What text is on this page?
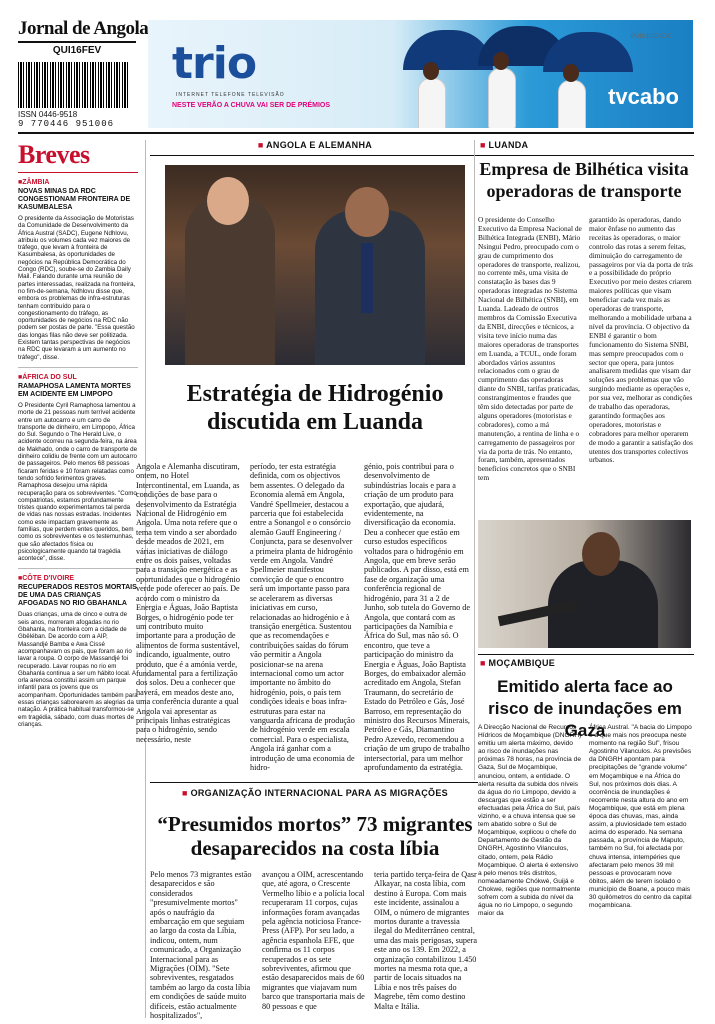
Jornal de Angola
QUI16FEV
ISSN 0446-9518
9 770446 951006
PUBLICIDADE
trio
INTERNET TELEFONE TELEVISÃO
NESTE VERÃO A CHUVA VAI SER DE PRÉMIOS	tvcabo
Breves
■ ZÂMBIA
NOVAS MINAS DA RDC CONGESTIONAM FRONTEIRA DE KASUMBALESA
O presidente da Associação de Motoristas da Comunidade de Desenvolvimento da África Austral (SADC), Eugene Ndhlovu, atribuiu os volumes cada vez maiores de tráfego, que levam à fronteira de Kasumbalesa, às oportunidades de negócios na República Democrática do Congo (RDC), soube-se do Zambia Daily Mail. Falando durante uma reunião de partes interessadas, realizada na fronteira, no fim-de-semana, Ndhlovu disse que, embora os problemas de infra-estruturas tenham contribuído para o congestionamento do tráfego, as oportunidades de negócios na RDC não podem ser postas de parte. "Essa questão das longas filas não deve ser politizada. Existem tantas perspectivas de negócios na RDC que levaram a um aumento no tráfego", disse.
■ ÁFRICA DO SUL
RAMAPHOSA LAMENTA MORTES EM ACIDENTE EM LIMPOPO
O Presidente Cyril Ramaphosa lamentou a morte de 21 pessoas num terrível acidente entre um autocarro e um carro de transporte de dinheiro, em Limpopo, África do Sul. Segundo o The Herald Live, o acidente ocorreu na segunda-feira, na área de Makhado, onde o carro de transporte de dinheiro colidiu de frente com um autocarro de passageiros. Pelo menos 68 pessoas ficaram feridas e 10 foram relatadas como tendo sofrido ferimentos graves. Ramaphosa desejou uma rápida recuperação para os sobreviventes. "Como compatriotas, estamos profundamente tristes quando experimentamos tal perda de vidas nas nossas estradas. Incidentes como este impactam gravemente as famílias, que perdem entes queridos, bem como os sobreviventes e os testemunhas, que são afectados física ou psicologicamente quando tal tragédia acontece", disse.
■ CÔTE D'IVOIRE
RECUPERADOS RESTOS MORTAIS DE UMA DAS CRIANÇAS AFOGADAS NO RIO GBAHANLA
Duas crianças, uma de cinco e outra de seis anos, morreram afogadas no rio Gbahanla, na fronteira com a cidade de Gbêléban. De acordo com a AIP, Massandjé Bamba e Awa Cissé acompanhavam os pais, que foram ao rio lavar a roupa. O corpo de Massandjé foi recuperado. Lavar roupas no rio em Gbahanla continua a ser um hábito local. A orla arenosa constitui assim um parque infantil para os jovens que os acompanham. Oportunidades também para essas crianças saborearem as alegrias da natação. A prática habitual transformou-se em tragédia, sábado, com duas mortes de crianças.
■ ANGOLA E ALEMANHA
Estratégia de Hidrogénio discutida em Luanda
Angola e Alemanha discutiram, ontem, no Hotel Intercontinental, em Luanda, as condições de base para o desenvolvimento da Estratégia Nacional de Hidrogénio em Angola. Uma nota refere que o tema tem vindo a ser abordado desde meados de 2021, em várias iniciativas de diálogo entre os dois países, voltadas para a transição energética e as oportunidades que o hidrogénio verde pode oferecer ao país. De acordo com o ministro da Energia e Águas, João Baptista Borges, o hidrogénio pode ter um contributo muito importante para a produção de alimentos de forma sustentável, indicando, igualmente, outro produto, que é a amónia verde, fundamental para a fertilização dos solos. Deu a conhecer que haverá, em meados deste ano, uma conferência durante a qual Angola vai apresentar as principais linhas estratégicas para o hidrogénio, sendo necessário, neste
período, ter esta estratégia definida, com os objectivos bem assentes. O delegado da Economia alemã em Angola, Vandré Spellmeier, destacou a parceria que foi estabelecida entre a Sonangol e o consórcio alemão Gauff Engineering / Conjuncta, para se desenvolver a primeira planta de hidrogénio verde em Angola. Vandré Spellmeier manifestou convicção de que o encontro será um importante passo para se acelerarem as diversas iniciativas em curso, relacionadas ao hidrogénio e à transição energética. Sustentou que as recomendações e contribuições saídas do fórum vão permitir a Angola posicionar-se na arena internacional como um actor importante no âmbito do hidrogénio, pois, o país tem condições ideais e boas infra-estruturas para estar na vanguarda africana de produção de hidrogénio verde em escala comercial. Para o especialista, Angola irá ganhar com a introdução de uma economia de hidro-
génio, pois contribui para o desenvolvimento de subindústrias locais e para a criação de um produto para exportação, que ajudará, evidentemente, na diversificação da economia. Deu a conhecer que estão em curso estudos específicos voltados para o hidrogénio em Angola, que em breve serão publicados. A par disso, está em fase de organização uma conferência regional de hidrogénio, para 31 a 2 de Junho, sob tutela do Governo de Angola, que contará com as participações da Namíbia e África do Sul, mas não só. O encontro, que teve a participação do ministro da Energia e Águas, João Baptista Borges, do embaixador alemão acreditado em Angola, Stefan Traumann, do secretário de Estado do Petróleo e Gás, José Barroso, em representação do ministro dos Recursos Minerais, Petróleo e Gás, Diamantino Pedro Azevedo, recomendou a criação de um grupo de trabalho intersectorial, para um melhor aprofundamento da estratégia.
■ ORGANIZAÇÃO INTERNACIONAL PARA AS MIGRAÇÕES
“Presumidos mortos” 73 migrantes desaparecidos na costa líbia
Pelo menos 73 migrantes estão desaparecidos e são considerados "presumivelmente mortos" após o naufrágio da embarcação em que seguiam ao largo da costa da Líbia, indicou, ontem, num comunicado, a Organização Internacional para as Migrações (OIM). "Sete sobreviventes, resgatados também ao largo da costa líbia em condições de saúde muito difíceis, estão actualmente hospitalizados",
avançou a OIM, acrescentando que, até agora, o Crescente Vermelho líbio e a polícia local recuperaram 11 corpos, cujas informações foram avançadas pela agência noticiosa France-Press (AFP). Por seu lado, a agência espanhola EFE, que confirma os 11 corpos recuperados e os sete sobreviventes, afirmou que estão desaparecidos mais de 60 migrantes que viajavam num barco que transportaria mais de 80 pessoas e que
teria partido terça-feira de Qasr Alkayar, na costa líbia, com destino à Europa. Com mais este incidente, assinalou a OIM, o número de migrantes mortos durante a travessia ilegal do Mediterrâneo central, uma das mais perigosas, supera este ano os 139. Em 2022, a organização contabilizou 1.450 mortes na mesma rota que, a partir de locais situados na Líbia e nos três países do Magrebe, têm como destino Malta e Itália.
■ LUANDA
Empresa de Bilhética visita operadoras de transporte
O presidente do Conselho Executivo da Empresa Nacional de Bilhética Integrada (ENBI), Mário Nsingui Pedro, preocupado com o grau de cumprimento dos operadores de transporte, realizou, no corrente mês, uma visita de constatação às bases das 9 operadoras integradas no Sistema Nacional de Bilhética (SNBI), em Luanda. Ladeado de outros membros da Comissão Executiva da ENBI, direcções e técnicos, a visita teve início numa das maiores operadoras de transportes em Luanda, a TCUL, onde foram abordados vários assuntos relacionados com o grau de cumprimento das operadoras diante do SNBI, tarifas praticadas, constrangimentos e fraudes que têm sido detectadas por parte de alguns operadores (motoristas e cobradores), como a má manutenção, a rentina de linha e o carregamento de passageiros por via da porta de trás. No entanto, foram, também, apresentados benefícios concretos que o SNBI tem
garantido às operadoras, dando maior ênfase no aumento das receitas às operadoras, o maior controlo das rotas a serem feitas, diminuição do carregamento de passageiros por via da porta de trás e a possibilidade do próprio Executivo por meio destes criarem maiores políticas que visam beneficiar cada vez mais as operadoras de transporte, melhorando a mobilidade urbana a nível da província. O objectivo da ENBI é garantir o bom funcionamento do Sistema SNBI, mas sempre preocupados com o sector que opera, para juntos analisarem medidas que visam dar soluções aos problemas que vão surgindo mediante as operações e, por sua vez, melhorar as condições de trabalho das operadoras, garantindo formações aos operadores, motoristas e cobradores para melhor operarem de modo a garantir a satisfação dos utentes dos transportes colectivos urbanos.
■ MOÇAMBIQUE
Emitido alerta face ao risco de inundações em Gaza
A Direcção Nacional de Recursos Hídricos de Moçambique (DNGRH) emitiu um alerta máximo, devido ao risco de inundações nas próximas 78 horas, na província de Gaza, Sul de Moçambique, anunciou, ontem, a entidade. O alerta resulta da subida dos níveis da água do rio Limpopo, devido a descargas que estão a ser efectuadas pela África do Sul, país vizinho, e a chuva intensa que se tem abatido sobre o Sul de Moçambique, explicou o chefe do Departamento de Gestão da DNGRH, Agostinho Vilanculos, citado, ontem, pela Rádio Moçambique. O alerta é extensivo a pelo menos três distritos, nomeadamente Chókwè, Guijá e Chokwe, regiões que normalmente sofrem com a subida do nível da água no rio Limpopo, o segundo maior da
África Austral. "A bacia do Limpopo é a que mais nos preocupa neste momento na região Sul", frisou Agostinho Vilanculos. As previsões da DNGRH apontam para precipitações de "grande volume" em Moçambique e na África do Sul, nos próximos dois dias. A ocorrência de inundações é recorrente nesta altura do ano em Moçambique, que está em plena época das chuvas, mas, ainda assim, a pluviosidade tem estado acima do esperado. Na semana passada, a província de Maputo, também no Sul, foi afectada por chuva intensa, intempéries que afectaram pelo menos 39 mil pessoas e provocaram nove óbitos, além de terem isolado o município de Boane, a pouco mais 30 quilómetros do centro da capital moçambicana.
